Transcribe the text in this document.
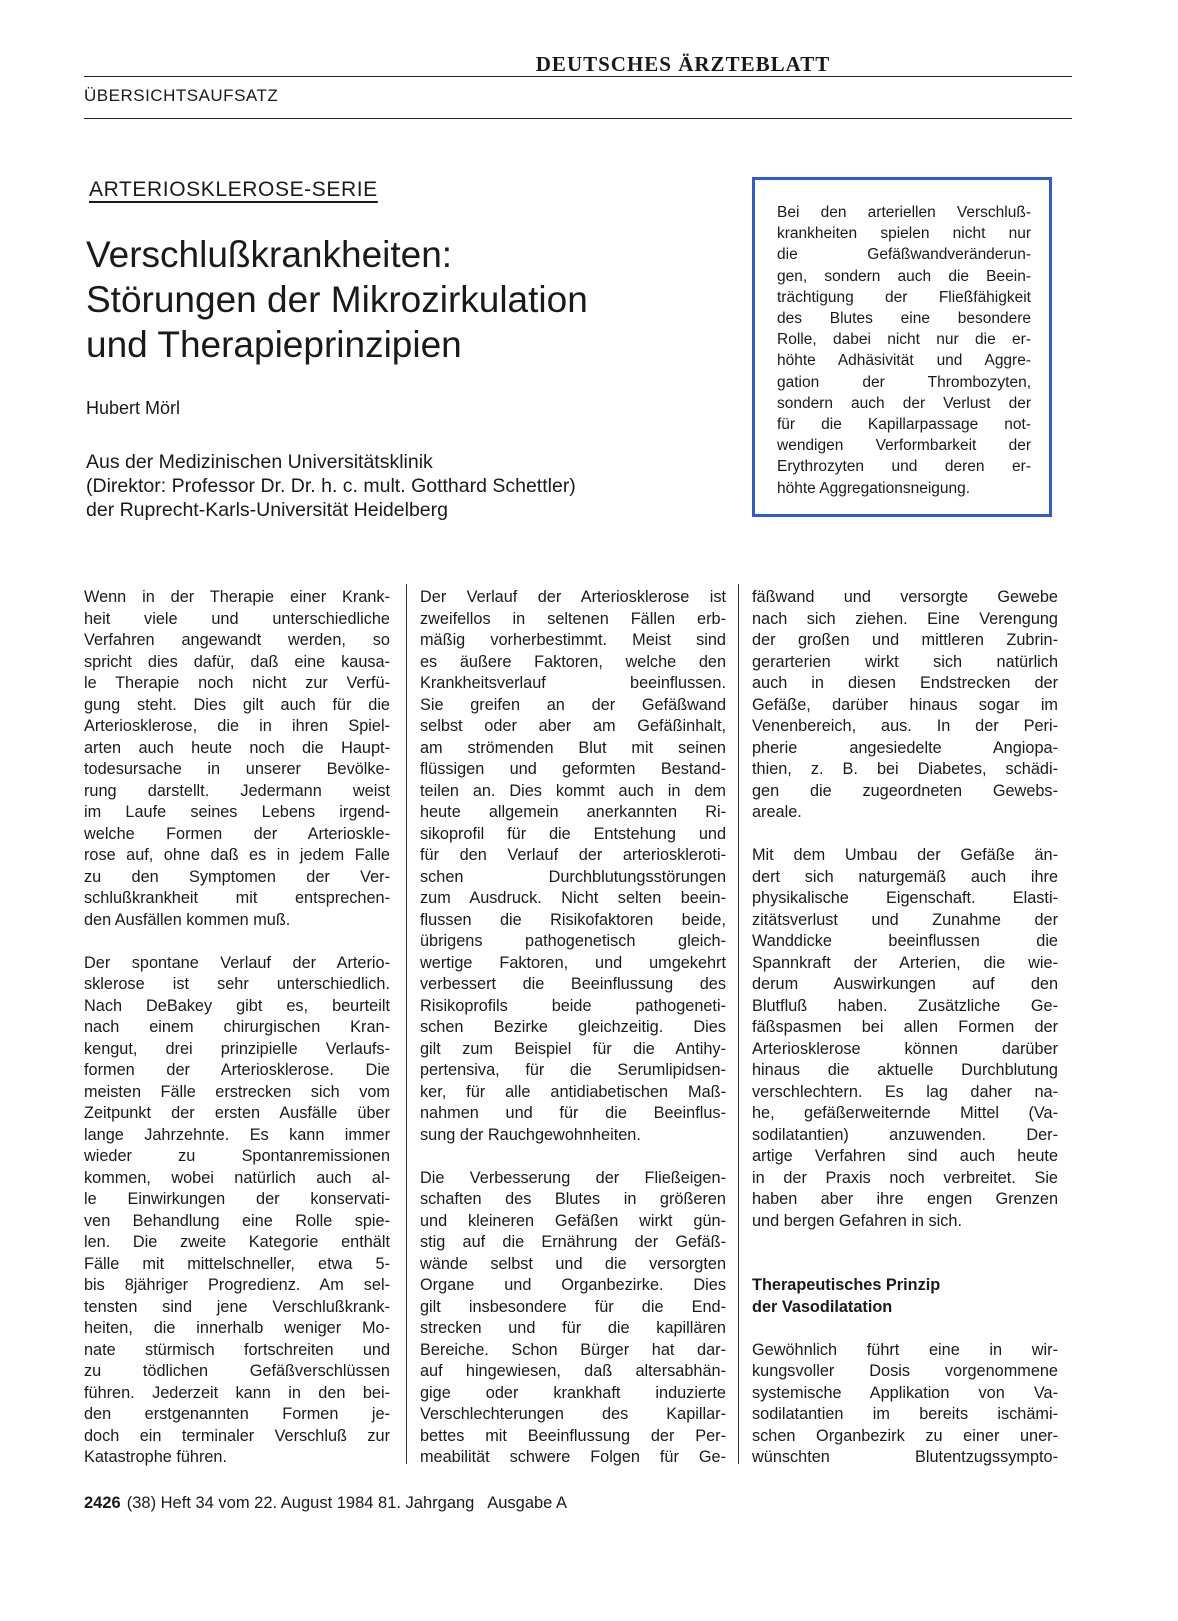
DEUTSCHES ÄRZTEBLATT
ÜBERSICHTSAUFSATZ
ARTERIOSKLEROSE-SERIE
Verschlußkrankheiten:
Störungen der Mikrozirkulation
und Therapieprinzipien
Hubert Mörl
Aus der Medizinischen Universitätsklinik
(Direktor: Professor Dr. Dr. h. c. mult. Gotthard Schettler)
der Ruprecht-Karls-Universität Heidelberg
Bei den arteriellen Verschluß-
krankheiten spielen nicht nur
die Gefäßwandveränderun-
gen, sondern auch die Beein-
trächtigung der Fließfähigkeit
des Blutes eine besondere
Rolle, dabei nicht nur die er-
höhte Adhäsivität und Aggre-
gation der Thrombozyten,
sondern auch der Verlust der
für die Kapillarpassage not-
wendigen Verformbarkeit der
Erythrozyten und deren er-
höhte Aggregationsneigung.

Wenn in der Therapie einer Krank-
heit viele und unterschiedliche
Verfahren angewandt werden, so
spricht dies dafür, daß eine kausa-
le Therapie noch nicht zur Verfü-
gung steht. Dies gilt auch für die
Arteriosklerose, die in ihren Spiel-
arten auch heute noch die Haupt-
todesursache in unserer Bevölke-
rung darstellt. Jedermann weist
im Laufe seines Lebens irgend-
welche Formen der Arterioskle-
rose auf, ohne daß es in jedem Falle
zu den Symptomen der Ver-
schlußkrankheit mit entsprechen-
den Ausfällen kommen muß.

Der spontane Verlauf der Arterio-
sklerose ist sehr unterschiedlich.
Nach DeBakey gibt es, beurteilt
nach einem chirurgischen Kran-
kengut, drei prinzipielle Verlaufs-
formen der Arteriosklerose. Die
meisten Fälle erstrecken sich vom
Zeitpunkt der ersten Ausfälle über
lange Jahrzehnte. Es kann immer
wieder zu Spontanremissionen
kommen, wobei natürlich auch al-
le Einwirkungen der konservati-
ven Behandlung eine Rolle spie-
len. Die zweite Kategorie enthält
Fälle mit mittelschneller, etwa 5-
bis 8jähriger Progredienz. Am sel-
tensten sind jene Verschlußkrank-
heiten, die innerhalb weniger Mo-
nate stürmisch fortschreiten und
zu tödlichen Gefäßverschlüssen
führen. Jederzeit kann in den bei-
den erstgenannten Formen je-
doch ein terminaler Verschluß zur
Katastrophe führen.

Der Verlauf der Arteriosklerose ist
zweifellos in seltenen Fällen erb-
mäßig vorherbestimmt. Meist sind
es äußere Faktoren, welche den
Krankheitsverlauf beeinflussen.
Sie greifen an der Gefäßwand
selbst oder aber am Gefäßinhalt,
am strömenden Blut mit seinen
flüssigen und geformten Bestand-
teilen an. Dies kommt auch in dem
heute allgemein anerkannten Ri-
sikoprofil für die Entstehung und
für den Verlauf der arterioskleroti-
schen Durchblutungsstörungen
zum Ausdruck. Nicht selten beein-
flussen die Risikofaktoren beide,
übrigens pathogenetisch gleich-
wertige Faktoren, und umgekehrt
verbessert die Beeinflussung des
Risikoprofils beide pathogeneti-
schen Bezirke gleichzeitig. Dies
gilt zum Beispiel für die Antihy-
pertensiva, für die Serumlipidsen-
ker, für alle antidiabetischen Maß-
nahmen und für die Beeinflus-
sung der Rauchgewohnheiten.

Die Verbesserung der Fließeigen-
schaften des Blutes in größeren
und kleineren Gefäßen wirkt gün-
stig auf die Ernährung der Gefäß-
wände selbst und die versorgten
Organe und Organbezirke. Dies
gilt insbesondere für die End-
strecken und für die kapillären
Bereiche. Schon Bürger hat dar-
auf hingewiesen, daß altersabhän-
gige oder krankhaft induzierte
Verschlechterungen des Kapillar-
bettes mit Beeinflussung der Per-
meabilität schwere Folgen für Ge-

fäßwand und versorgte Gewebe
nach sich ziehen. Eine Verengung
der großen und mittleren Zubrin-
gerarterien wirkt sich natürlich
auch in diesen Endstrecken der
Gefäße, darüber hinaus sogar im
Venenbereich, aus. In der Peri-
pherie angesiedelte Angiopa-
thien, z. B. bei Diabetes, schädi-
gen die zugeordneten Gewebs-
areale.

Mit dem Umbau der Gefäße än-
dert sich naturgemäß auch ihre
physikalische Eigenschaft. Elasti-
zitätsverlust und Zunahme der
Wanddicke beeinflussen die
Spannkraft der Arterien, die wie-
derum Auswirkungen auf den
Blutfluß haben. Zusätzliche Ge-
fäßspasmen bei allen Formen der
Arteriosklerose können darüber
hinaus die aktuelle Durchblutung
verschlechtern. Es lag daher na-
he, gefäßerweiternde Mittel (Va-
sodilatantien) anzuwenden. Der-
artige Verfahren sind auch heute
in der Praxis noch verbreitet. Sie
haben aber ihre engen Grenzen
und bergen Gefahren in sich.

Therapeutisches Prinzip
der Vasodilatation

Gewöhnlich führt eine in wir-
kungsvoller Dosis vorgenommene
systemische Applikation von Va-
sodilatantien im bereits ischämi-
schen Organbezirk zu einer uner-
wünschten Blutentzugssympto-

2426 (38) Heft 34 vom 22. August 1984 81. Jahrgang   Ausgabe A
